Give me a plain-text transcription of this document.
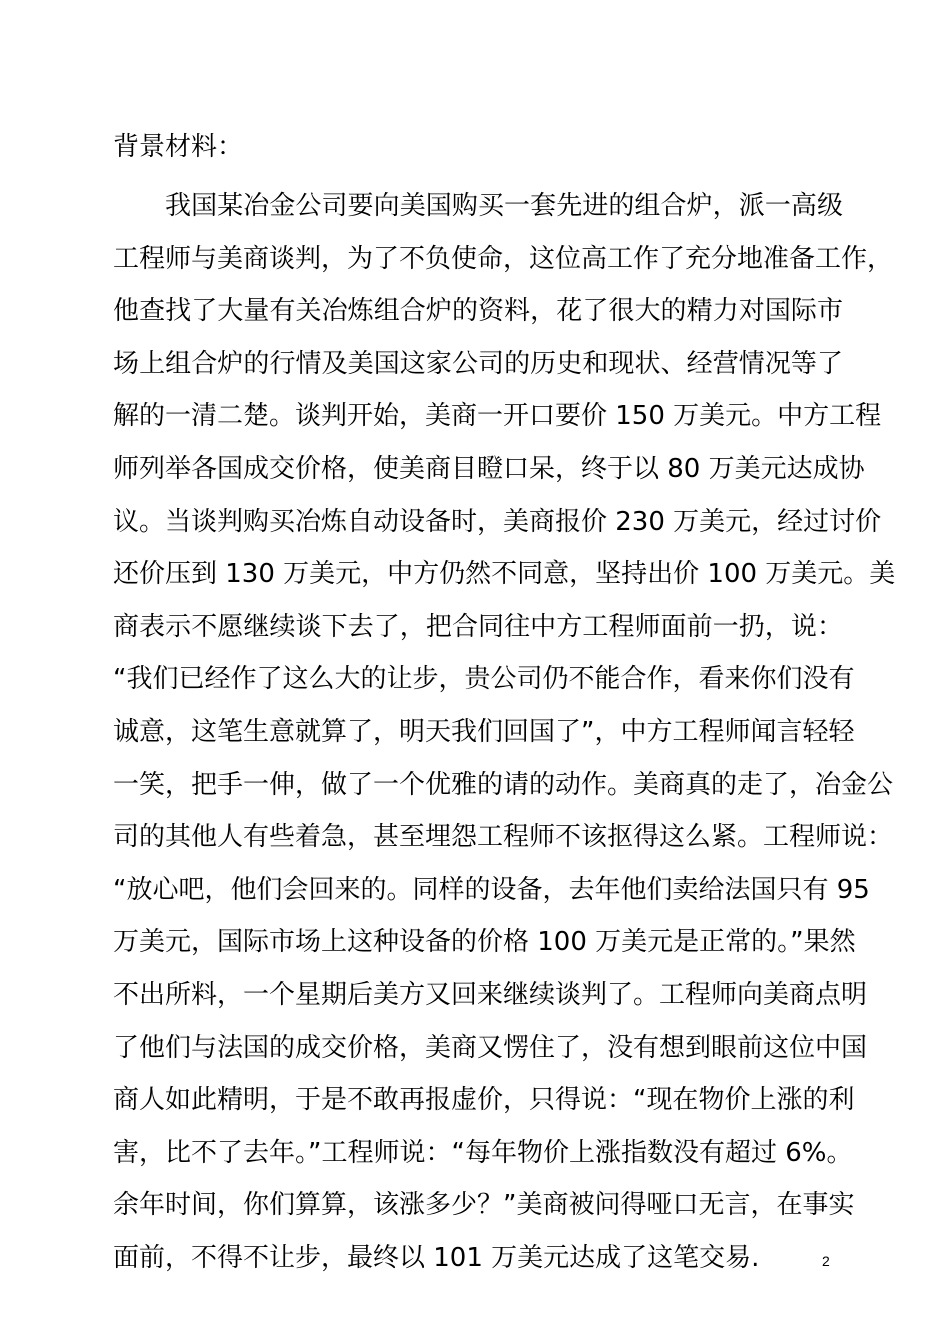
背景材料：
我国某冶金公司要向美国购买一套先进的组合炉，派一高级
工程师与美商谈判，为了不负使命，这位高工作了充分地准备工作，
他查找了大量有关冶炼组合炉的资料，花了很大的精力对国际市
场上组合炉的行情及美国这家公司的历史和现状、经营情况等了
解的一清二楚。谈判开始，美商一开口要价 150 万美元。中方工程
师列举各国成交价格，使美商目瞪口呆，终于以 80 万美元达成协
议。当谈判购买冶炼自动设备时，美商报价 230 万美元，经过讨价
还价压到 130 万美元，中方仍然不同意，坚持出价 100 万美元。美
商表示不愿继续谈下去了，把合同往中方工程师面前一扔，说：
“我们已经作了这么大的让步，贵公司仍不能合作，看来你们没有
诚意，这笔生意就算了，明天我们回国了”，中方工程师闻言轻轻
一笑，把手一伸，做了一个优雅的请的动作。美商真的走了，冶金公
司的其他人有些着急，甚至埋怨工程师不该抠得这么紧。工程师说：
“放心吧，他们会回来的。同样的设备，去年他们卖给法国只有 95
万美元，国际市场上这种设备的价格 100 万美元是正常的。”果然
不出所料，一个星期后美方又回来继续谈判了。工程师向美商点明
了他们与法国的成交价格，美商又愣住了，没有想到眼前这位中国
商人如此精明，于是不敢再报虚价，只得说：“现在物价上涨的利
害，比不了去年。”工程师说：“每年物价上涨指数没有超过 6%。
余年时间，你们算算，该涨多少？”美商被问得哑口无言，在事实
面前，不得不让步，最终以 101 万美元达成了这笔交易.	2
